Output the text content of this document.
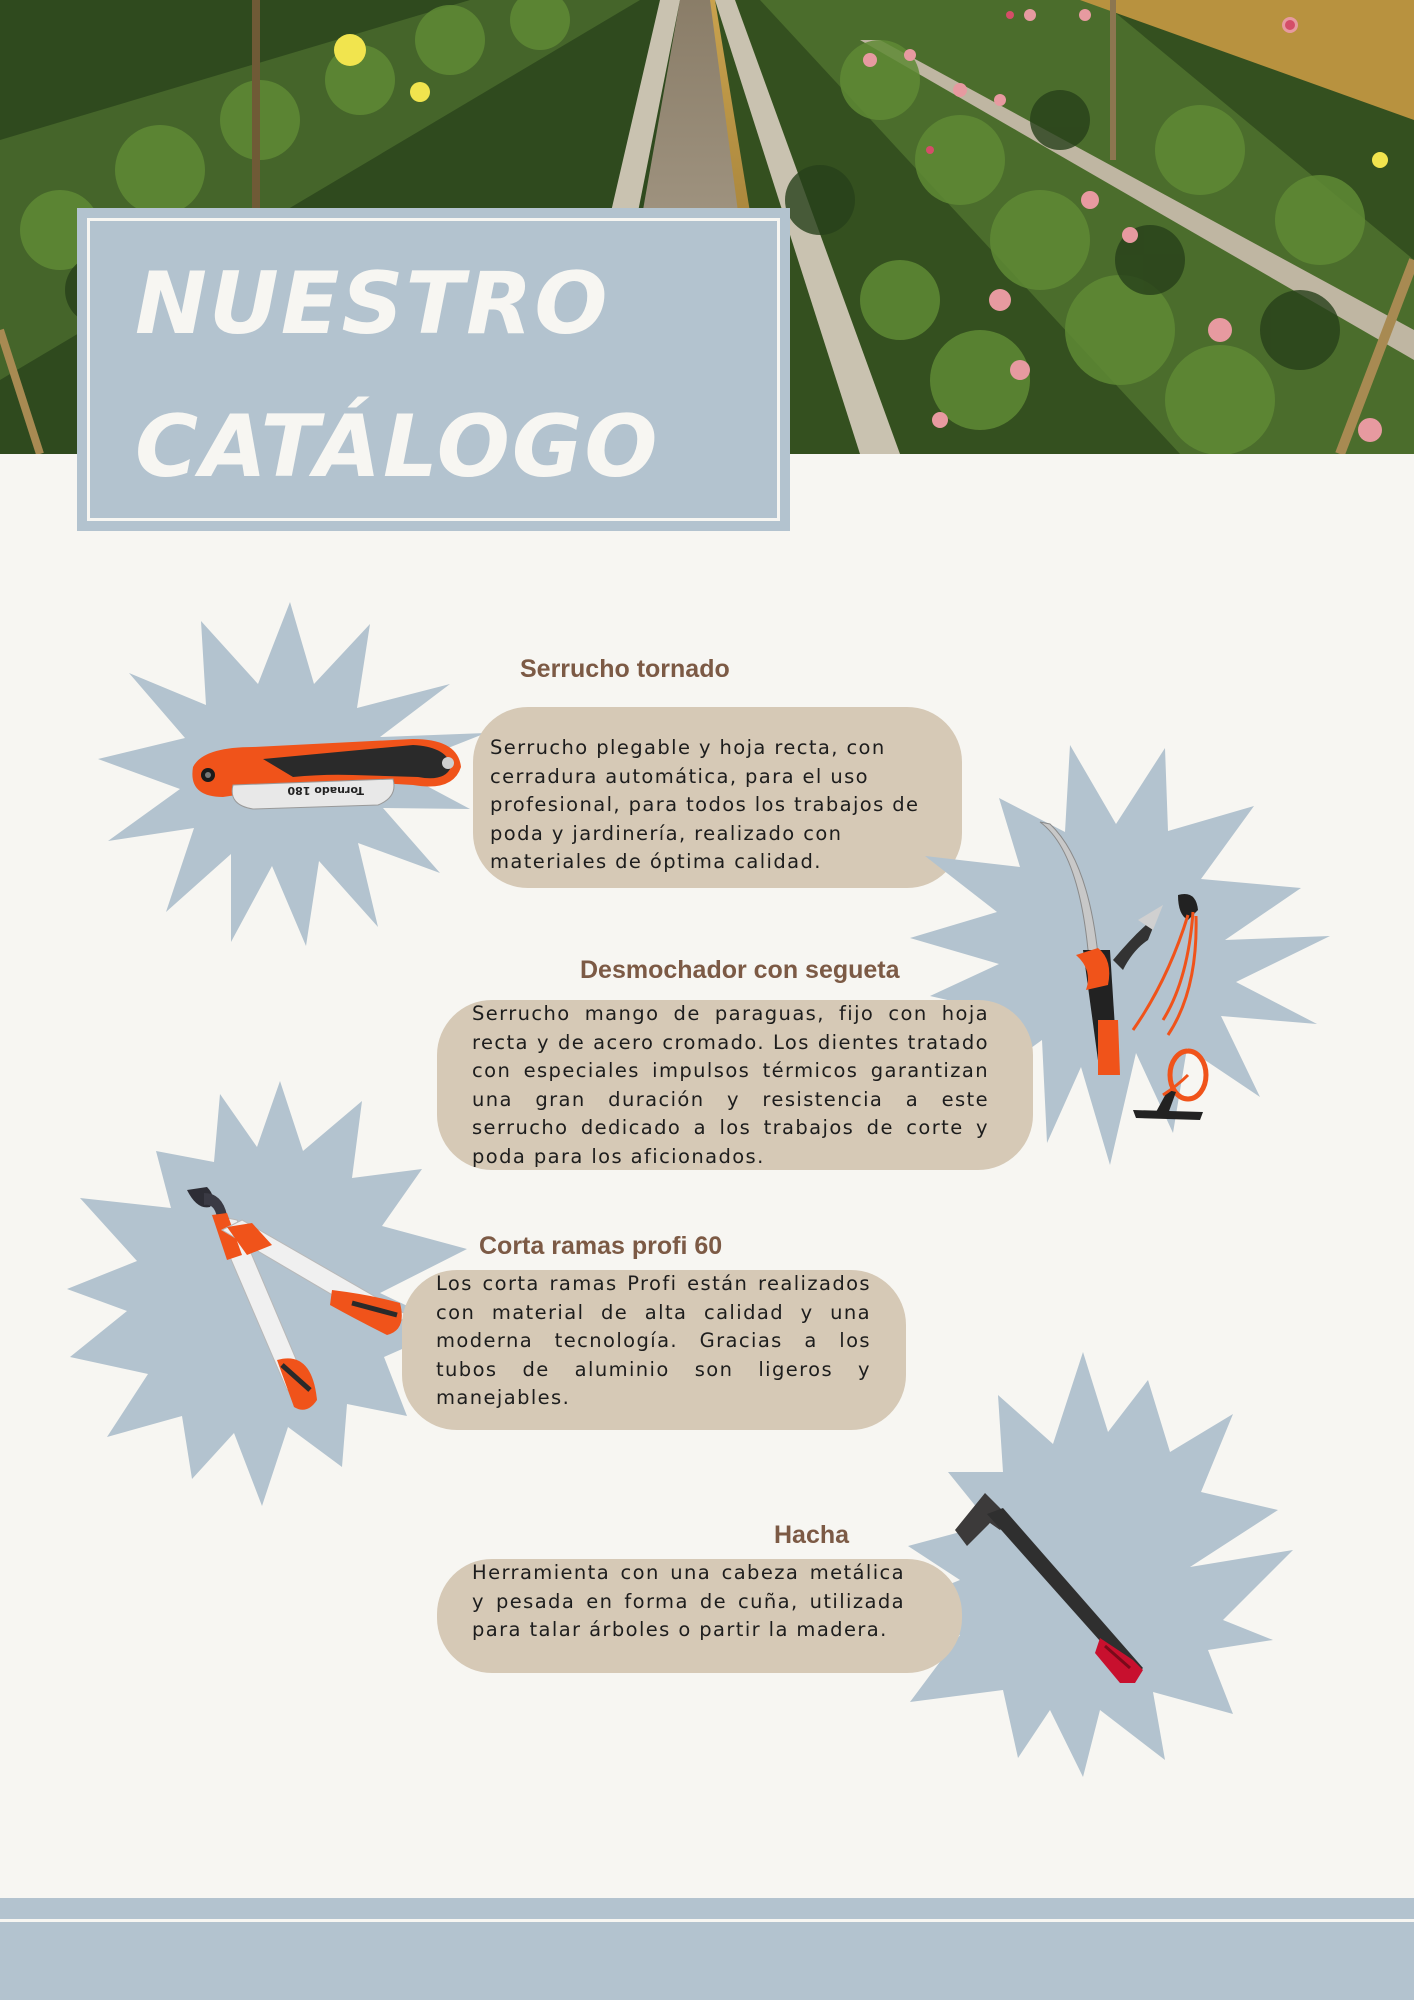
NUESTRO
CATÁLOGO
Tornado 180
Serrucho tornado

Serrucho plegable y hoja recta, con cerradura automática, para el uso profesional, para todos los trabajos de poda y jardinería, realizado con materiales de óptima calidad.

Desmochador con segueta

Serrucho mango de paraguas, fijo con hoja recta y de acero cromado. Los dientes tratado con especiales impulsos térmicos garantizan una gran duración y resistencia a este serrucho dedicado a los trabajos de corte y poda para los aficionados.

Corta ramas profi 60

Los corta ramas Profi están realizados con material de alta calidad y una moderna tecnología. Gracias a los tubos de aluminio son ligeros y manejables.

Hacha

Herramienta con una cabeza metálica y pesada en forma de cuña, utilizada para talar árboles o partir la madera.
